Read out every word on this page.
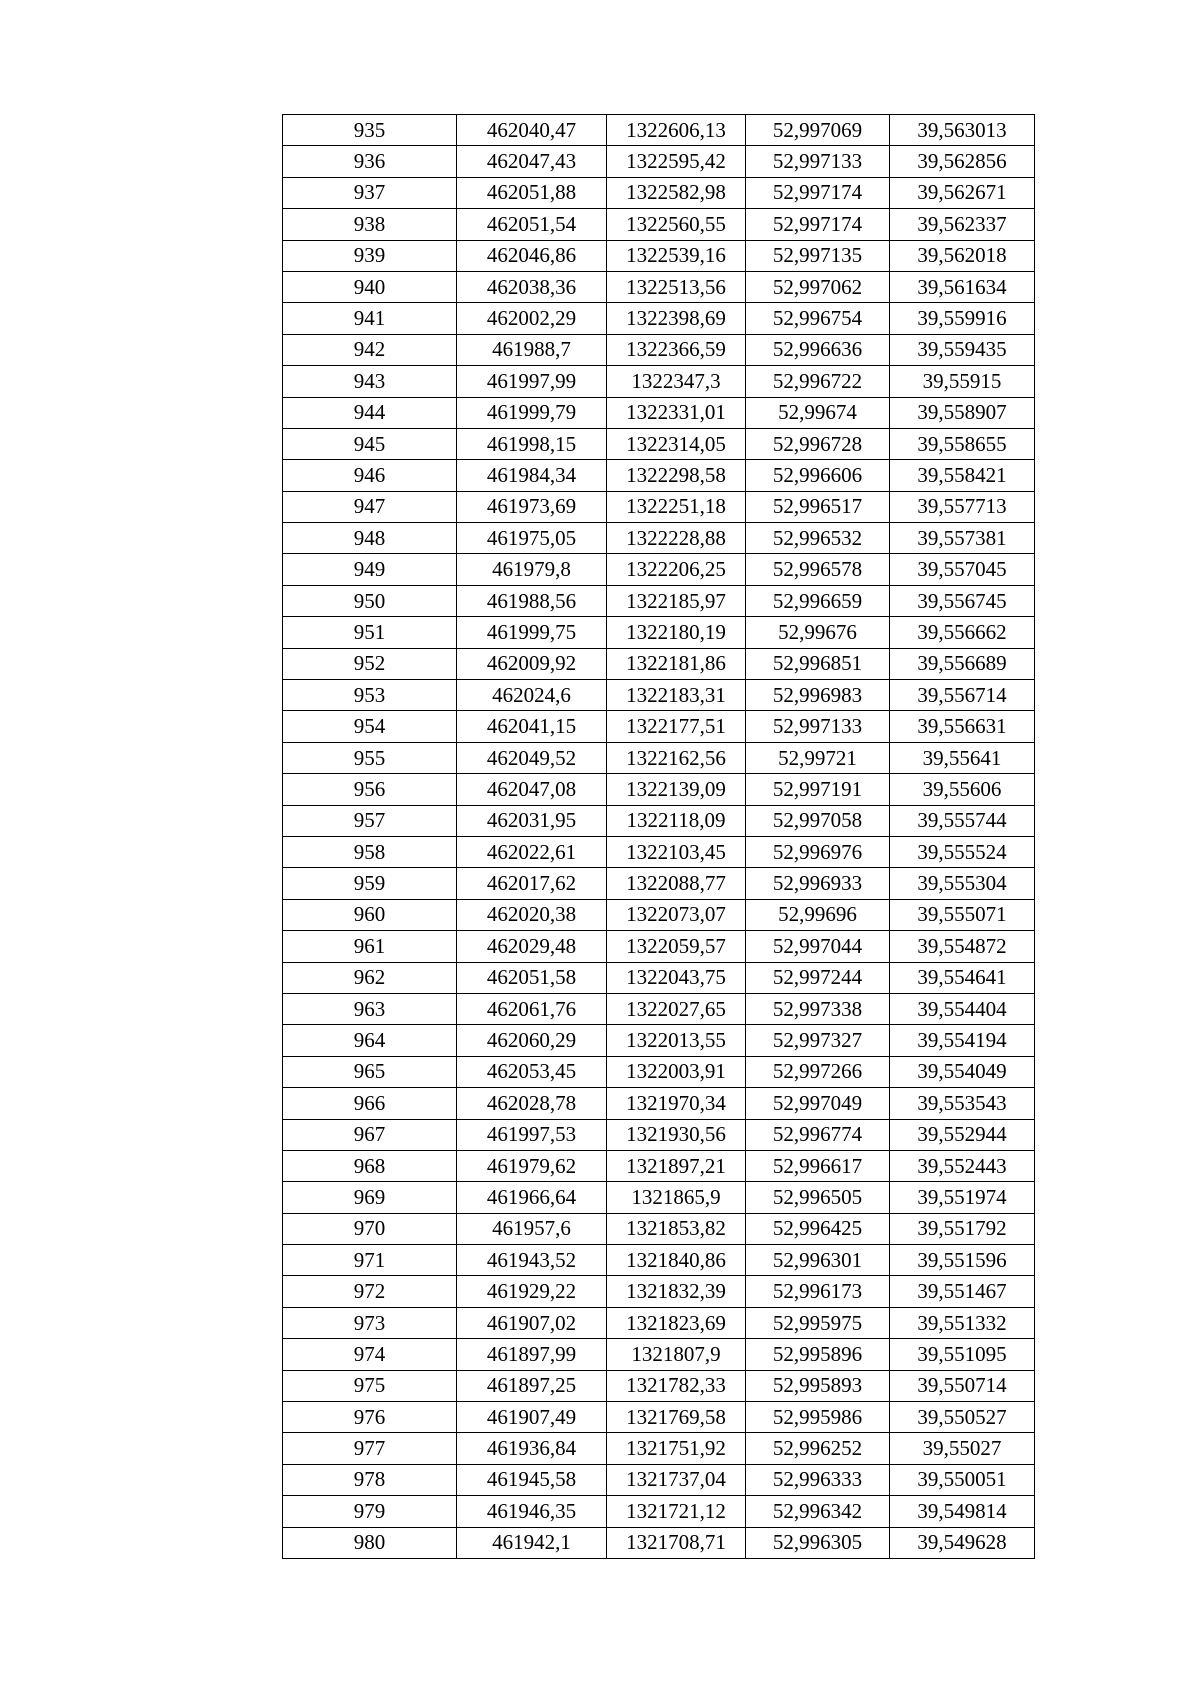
935	462040,47	1322606,13	52,997069	39,563013
936	462047,43	1322595,42	52,997133	39,562856
937	462051,88	1322582,98	52,997174	39,562671
938	462051,54	1322560,55	52,997174	39,562337
939	462046,86	1322539,16	52,997135	39,562018
940	462038,36	1322513,56	52,997062	39,561634
941	462002,29	1322398,69	52,996754	39,559916
942	461988,7	1322366,59	52,996636	39,559435
943	461997,99	1322347,3	52,996722	39,55915
944	461999,79	1322331,01	52,99674	39,558907
945	461998,15	1322314,05	52,996728	39,558655
946	461984,34	1322298,58	52,996606	39,558421
947	461973,69	1322251,18	52,996517	39,557713
948	461975,05	1322228,88	52,996532	39,557381
949	461979,8	1322206,25	52,996578	39,557045
950	461988,56	1322185,97	52,996659	39,556745
951	461999,75	1322180,19	52,99676	39,556662
952	462009,92	1322181,86	52,996851	39,556689
953	462024,6	1322183,31	52,996983	39,556714
954	462041,15	1322177,51	52,997133	39,556631
955	462049,52	1322162,56	52,99721	39,55641
956	462047,08	1322139,09	52,997191	39,55606
957	462031,95	1322118,09	52,997058	39,555744
958	462022,61	1322103,45	52,996976	39,555524
959	462017,62	1322088,77	52,996933	39,555304
960	462020,38	1322073,07	52,99696	39,555071
961	462029,48	1322059,57	52,997044	39,554872
962	462051,58	1322043,75	52,997244	39,554641
963	462061,76	1322027,65	52,997338	39,554404
964	462060,29	1322013,55	52,997327	39,554194
965	462053,45	1322003,91	52,997266	39,554049
966	462028,78	1321970,34	52,997049	39,553543
967	461997,53	1321930,56	52,996774	39,552944
968	461979,62	1321897,21	52,996617	39,552443
969	461966,64	1321865,9	52,996505	39,551974
970	461957,6	1321853,82	52,996425	39,551792
971	461943,52	1321840,86	52,996301	39,551596
972	461929,22	1321832,39	52,996173	39,551467
973	461907,02	1321823,69	52,995975	39,551332
974	461897,99	1321807,9	52,995896	39,551095
975	461897,25	1321782,33	52,995893	39,550714
976	461907,49	1321769,58	52,995986	39,550527
977	461936,84	1321751,92	52,996252	39,55027
978	461945,58	1321737,04	52,996333	39,550051
979	461946,35	1321721,12	52,996342	39,549814
980	461942,1	1321708,71	52,996305	39,549628
